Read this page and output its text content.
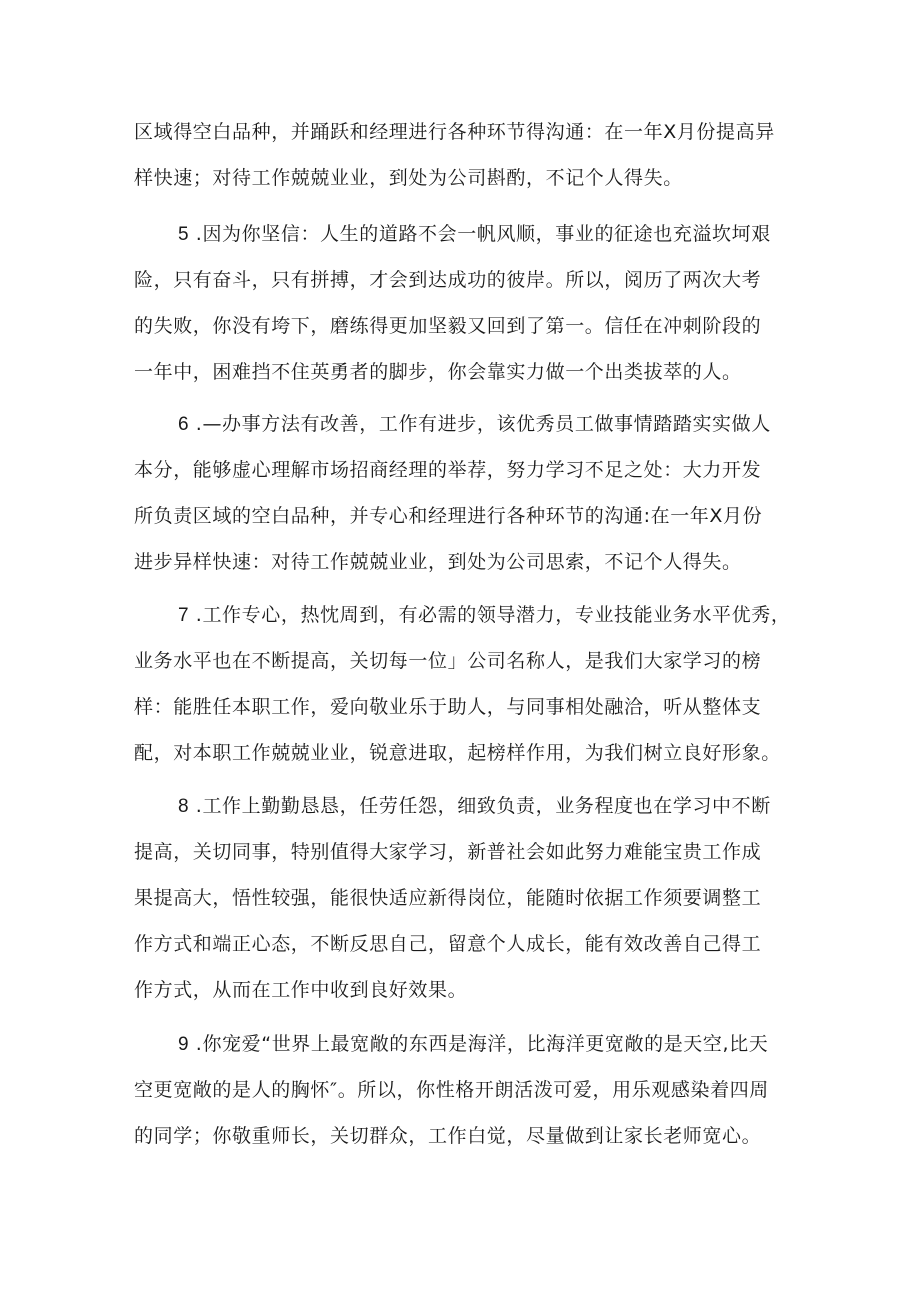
区域得空白品种，并踊跃和经理进行各种环节得沟通：在一年X月份提高异
样快速；对待工作兢兢业业，到处为公司斟酌，不记个人得失。
5 .因为你坚信：人生的道路不会一帆风顺，事业的征途也充溢坎坷艰
险，只有奋斗，只有拼搏，才会到达成功的彼岸。所以，阅历了两次大考
的失败，你没有垮下，磨练得更加坚毅又回到了第一。信任在冲刺阶段的
一年中，困难挡不住英勇者的脚步，你会靠实力做一个出类拔萃的人。
6 .—办事方法有改善，工作有进步，该优秀员工做事情踏踏实实做人
本分，能够虚心理解市场招商经理的举荐，努力学习不足之处：大力开发
所负责区域的空白品种，并专心和经理进行各种环节的沟通:在一年X月份
进步异样快速：对待工作兢兢业业，到处为公司思索，不记个人得失。
7 .工作专心，热忱周到，有必需的领导潜力，专业技能业务水平优秀，
业务水平也在不断提高，关切每一位」公司名称人，是我们大家学习的榜
样：能胜任本职工作，爱向敬业乐于助人，与同事相处融洽，听从整体支
配，对本职工作兢兢业业，锐意进取，起榜样作用，为我们树立良好形象。
8 .工作上勤勤恳恳，任劳任怨，细致负责，业务程度也在学习中不断
提高，关切同事，特别值得大家学习，新普社会如此努力难能宝贵工作成
果提高大，悟性较强，能很快适应新得岗位，能随时依据工作须要调整工
作方式和端正心态，不断反思自己，留意个人成长，能有效改善自己得工
作方式，从而在工作中收到良好效果。
9 .你宠爱“世界上最宽敞的东西是海洋，比海洋更宽敞的是天空,比天
空更宽敞的是人的胸怀″。所以，你性格开朗活泼可爱，用乐观感染着四周
的同学；你敬重师长，关切群众，工作白觉，尽量做到让家长老师宽心。
